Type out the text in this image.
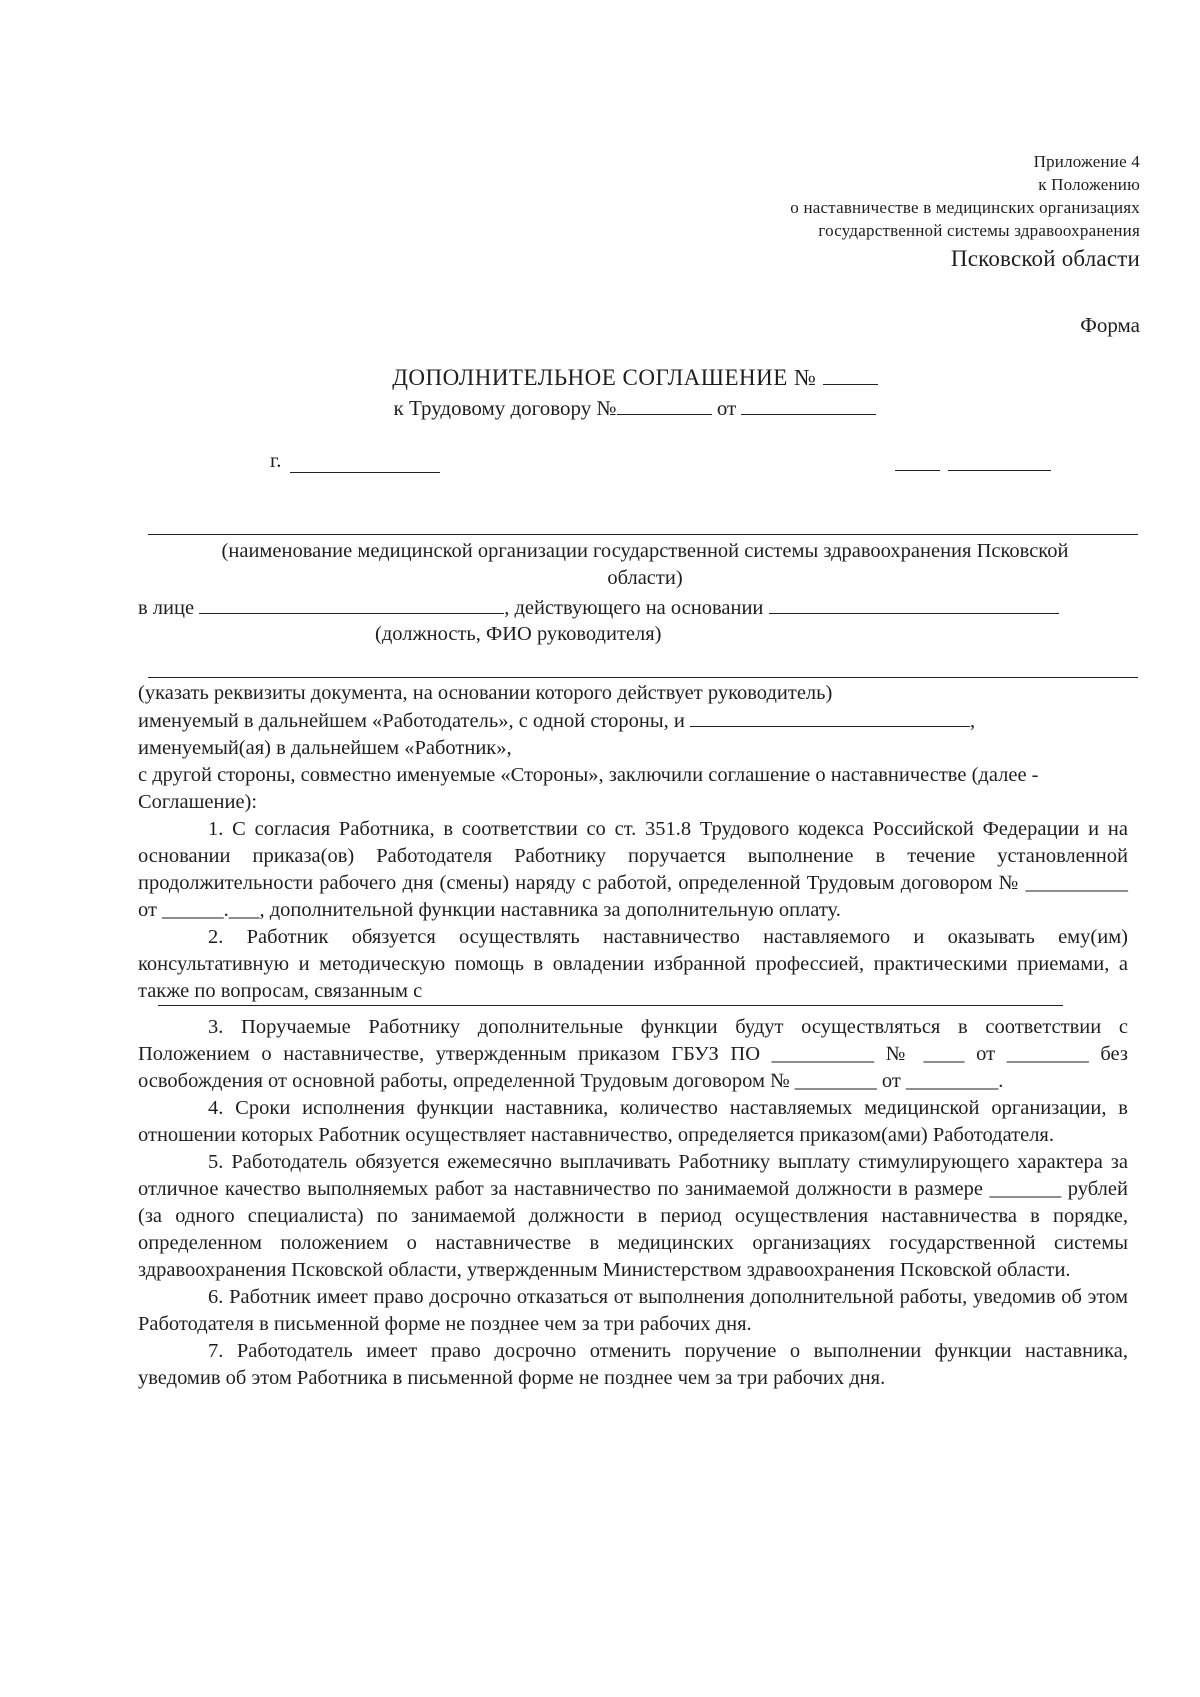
Приложение 4
к Положению
о наставничестве в медицинских организациях
государственной системы здравоохранения
Псковской области
Форма
ДОПОЛНИТЕЛЬНОЕ СОГЛАШЕНИЕ №
к Трудовому договору №	от
г.
(наименование медицинской организации государственной системы здравоохранения Псковской области)
в лице	, действующего на основании
(должность, ФИО руководителя)
(указать реквизиты документа, на основании которого действует руководитель)
именуемый в дальнейшем «Работодатель», с одной стороны, и	,
именуемый(ая) в дальнейшем «Работник»,
с другой стороны, совместно именуемые «Стороны», заключили соглашение о наставничестве (далее - Соглашение):

1. С согласия Работника, в соответствии со ст. 351.8 Трудового кодекса Российской Федерации и на основании приказа(ов) Работодателя Работнику поручается выполнение в течение установленной продолжительности рабочего дня (смены) наряду с работой, определенной Трудовым договором № __________ от ______.___, дополнительной функции наставника за дополнительную оплату.

2. Работник обязуется осуществлять наставничество наставляемого и оказывать ему(им) консультативную и методическую помощь в овладении избранной профессией, практическими приемами, а также по вопросам, связанным с

3. Поручаемые Работнику дополнительные функции будут осуществляться в соответствии с Положением о наставничестве, утвержденным приказом ГБУЗ ПО __________ № ____ от ________ без освобождения от основной работы, определенной Трудовым договором № ________ от _________.

4. Сроки исполнения функции наставника, количество наставляемых медицинской организации, в отношении которых Работник осуществляет наставничество, определяется приказом(ами) Работодателя.

5. Работодатель обязуется ежемесячно выплачивать Работнику выплату стимулирующего характера за отличное качество выполняемых работ за наставничество по занимаемой должности в размере _______ рублей (за одного специалиста) по занимаемой должности в период осуществления наставничества в порядке, определенном положением о наставничестве в медицинских организациях государственной системы здравоохранения Псковской области, утвержденным Министерством здравоохранения Псковской области.

6. Работник имеет право досрочно отказаться от выполнения дополнительной работы, уведомив об этом Работодателя в письменной форме не позднее чем за три рабочих дня.

7. Работодатель имеет право досрочно отменить поручение о выполнении функции наставника, уведомив об этом Работника в письменной форме не позднее чем за три рабочих дня.
